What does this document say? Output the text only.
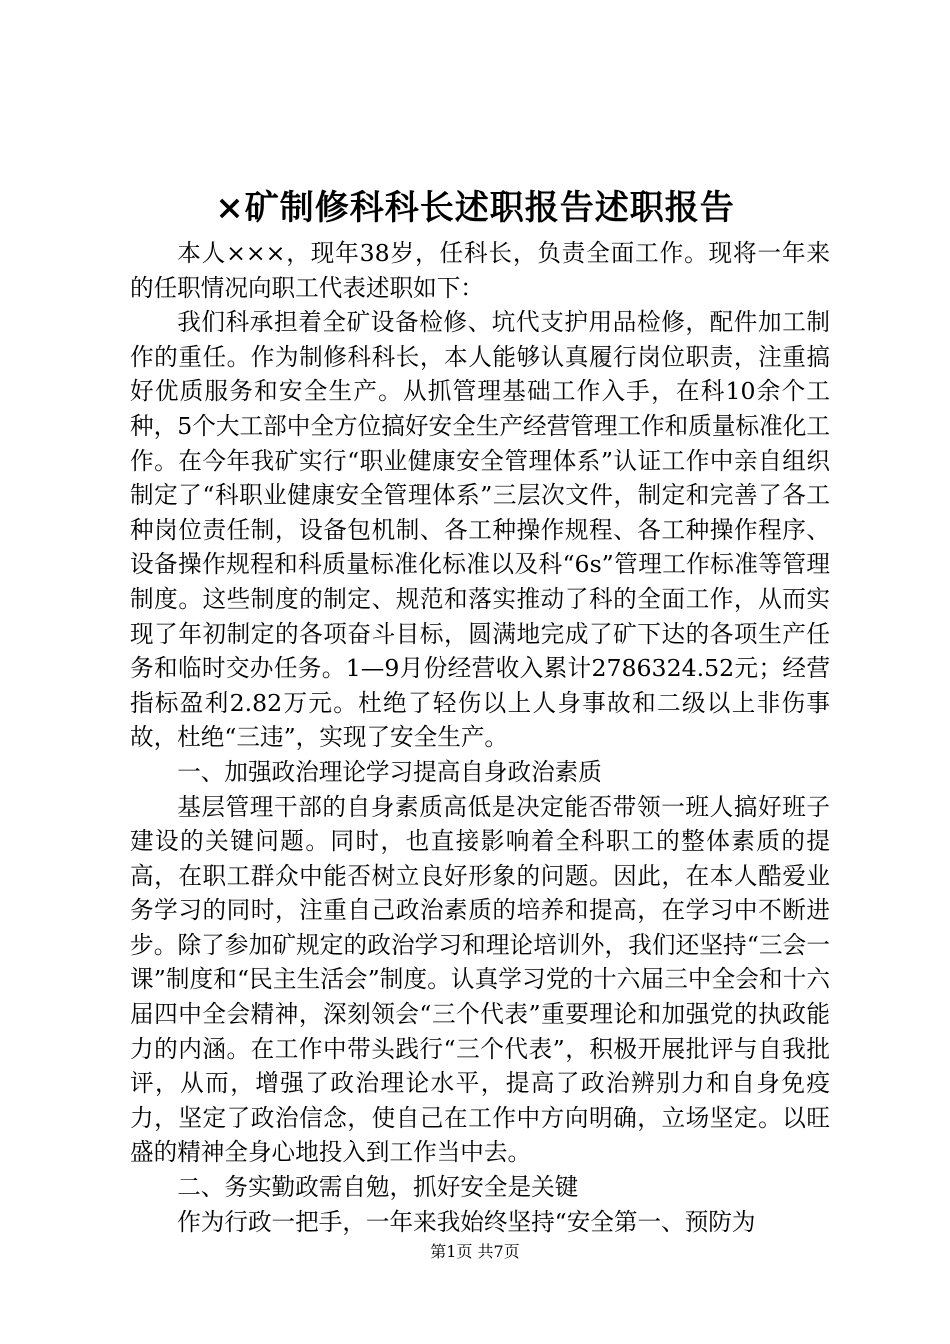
×矿制修科科长述职报告述职报告

本人×××，现年38岁，任科长，负责全面工作。现将一年来的任职情况向职工代表述职如下：

我们科承担着全矿设备检修、坑代支护用品检修，配件加工制作的重任。作为制修科科长，本人能够认真履行岗位职责，注重搞好优质服务和安全生产。从抓管理基础工作入手，在科10余个工种，5个大工部中全方位搞好安全生产经营管理工作和质量标准化工作。在今年我矿实行“职业健康安全管理体系”认证工作中亲自组织制定了“科职业健康安全管理体系”三层次文件，制定和完善了各工种岗位责任制，设备包机制、各工种操作规程、各工种操作程序、设备操作规程和科质量标准化标准以及科“6s”管理工作标准等管理制度。这些制度的制定、规范和落实推动了科的全面工作，从而实现了年初制定的各项奋斗目标，圆满地完成了矿下达的各项生产任务和临时交办任务。1—9月份经营收入累计2786324.52元；经营指标盈利2.82万元。杜绝了轻伤以上人身事故和二级以上非伤事故，杜绝“三违”，实现了安全生产。

一、加强政治理论学习提高自身政治素质

基层管理干部的自身素质高低是决定能否带领一班人搞好班子建设的关键问题。同时，也直接影响着全科职工的整体素质的提高，在职工群众中能否树立良好形象的问题。因此，在本人酷爱业务学习的同时，注重自己政治素质的培养和提高，在学习中不断进步。除了参加矿规定的政治学习和理论培训外，我们还坚持“三会一课”制度和“民主生活会”制度。认真学习党的十六届三中全会和十六届四中全会精神，深刻领会“三个代表”重要理论和加强党的执政能力的内涵。在工作中带头践行“三个代表”，积极开展批评与自我批评，从而，增强了政治理论水平，提高了政治辨别力和自身免疫力，坚定了政治信念，使自己在工作中方向明确，立场坚定。以旺盛的精神全身心地投入到工作当中去。

二、务实勤政需自勉，抓好安全是关键

作为行政一把手，一年来我始终坚持“安全第一、预防为

第1页 共7页
